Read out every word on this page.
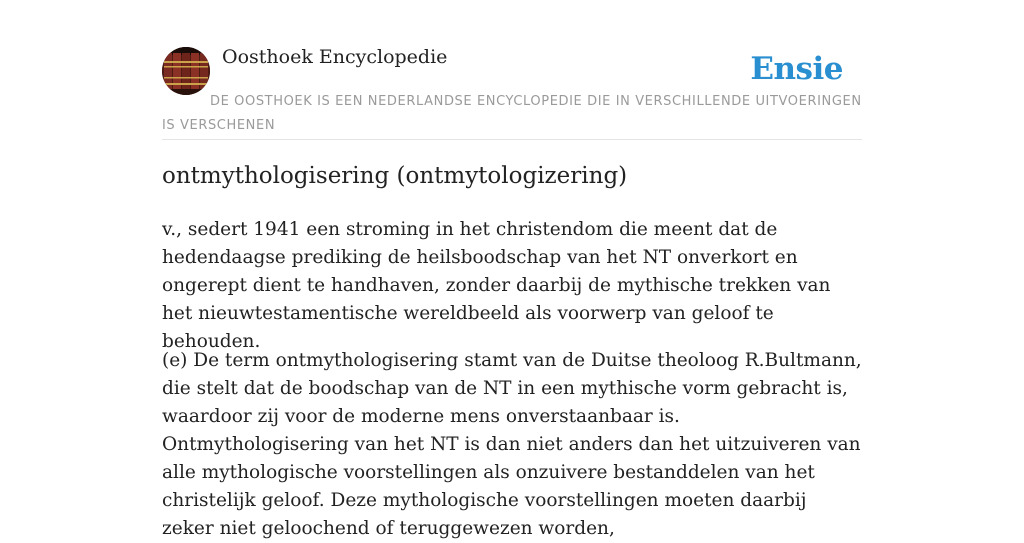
Oosthoek Encyclopedie	Ensie
DE OOSTHOEK IS EEN NEDERLANDSE ENCYCLOPEDIE DIE IN VERSCHILLENDE UITVOERINGEN IS VERSCHENEN
ontmythologisering (ontmytologizering)

v., sedert 1941 een stroming in het christendom die meent dat de hedendaagse prediking de heilsboodschap van het NT onverkort en ongerept dient te handhaven, zonder daarbij de mythische trekken van het nieuwtestamentische wereldbeeld als voorwerp van geloof te behouden.

(e) De term ontmythologisering stamt van de Duitse theoloog R.Bultmann, die stelt dat de boodschap van de NT in een mythische vorm gebracht is, waardoor zij voor de moderne mens onverstaanbaar is. Ontmythologisering van het NT is dan niet anders dan het uitzuiveren van alle mythologische voorstellingen als onzuivere bestanddelen van het christelijk geloof. Deze mythologische voorstellingen moeten daarbij zeker niet geloochend of teruggewezen worden,
